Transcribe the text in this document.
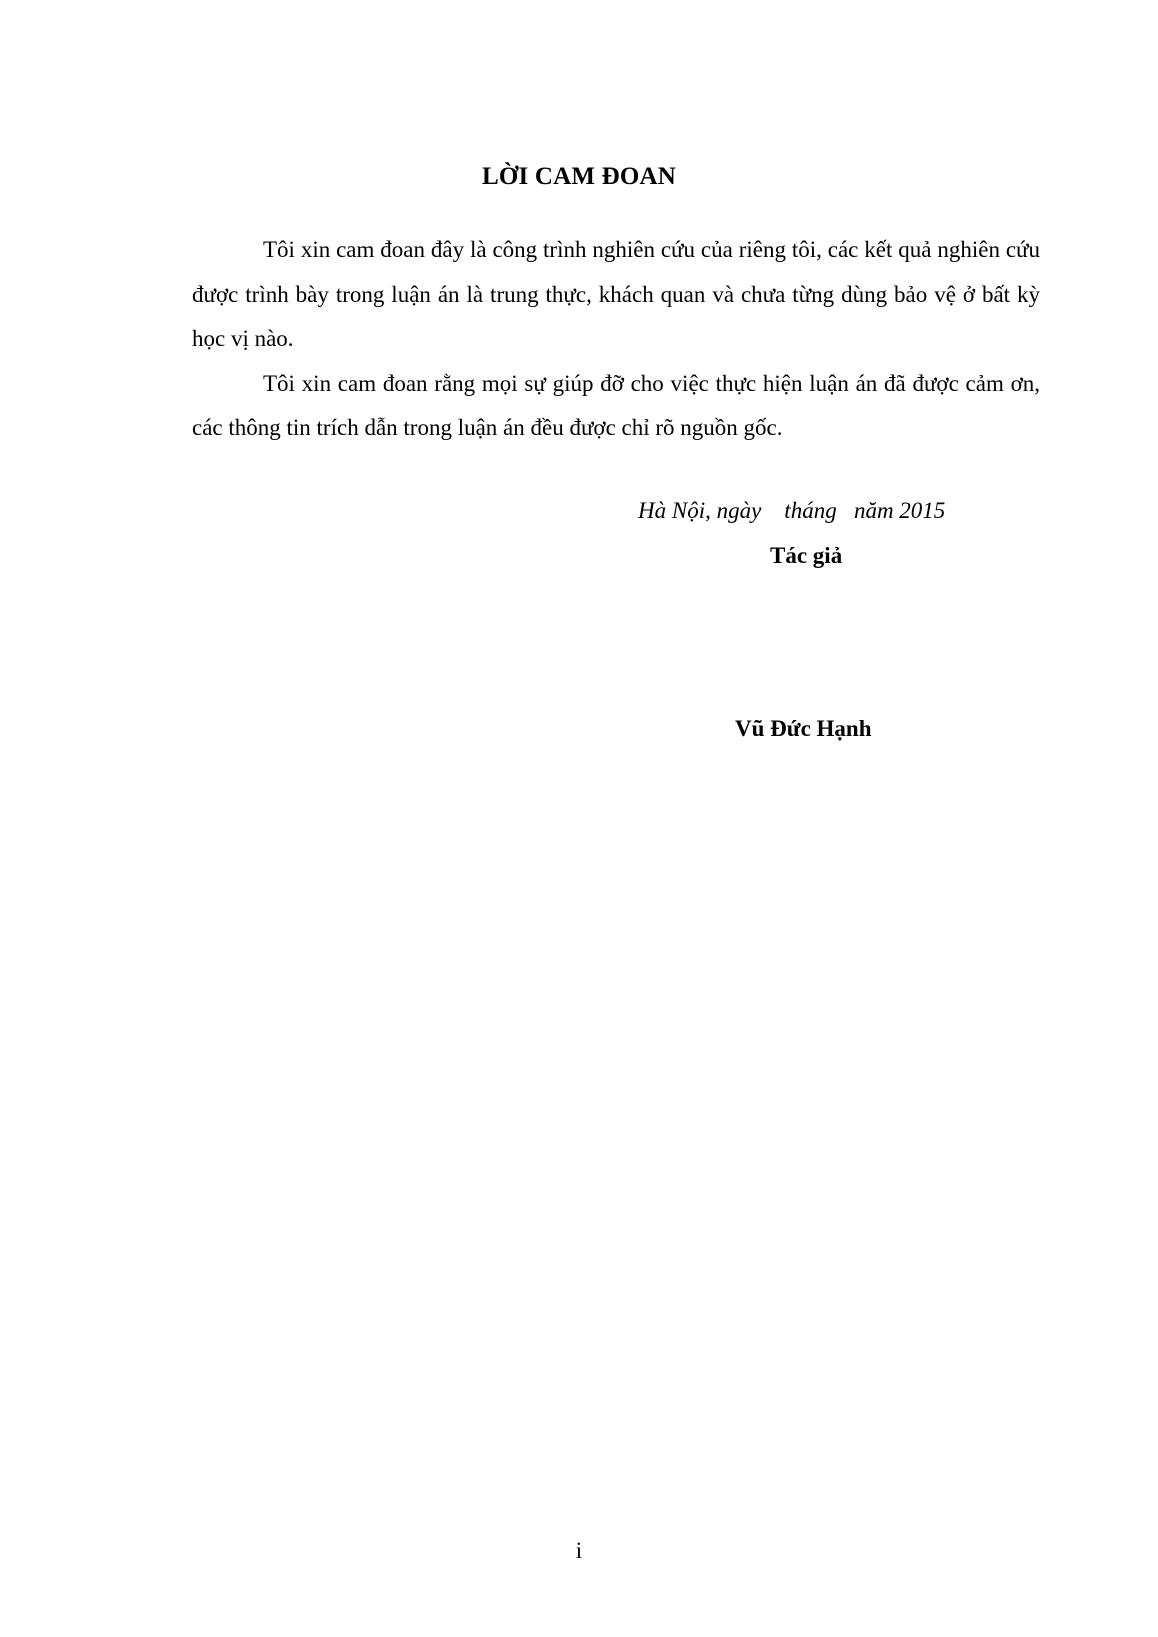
LỜI CAM ĐOAN

Tôi xin cam đoan đây là công trình nghiên cứu của riêng tôi, các kết quả nghiên cứu được trình bày trong luận án là trung thực, khách quan và chưa từng dùng bảo vệ ở bất kỳ học vị nào.

Tôi xin cam đoan rằng mọi sự giúp đỡ cho việc thực hiện luận án đã được cảm ơn, các thông tin trích dẫn trong luận án đều được chỉ rõ nguồn gốc.

Hà Nội, ngày    tháng   năm 2015
Tác giả
Vũ Đức Hạnh
i
